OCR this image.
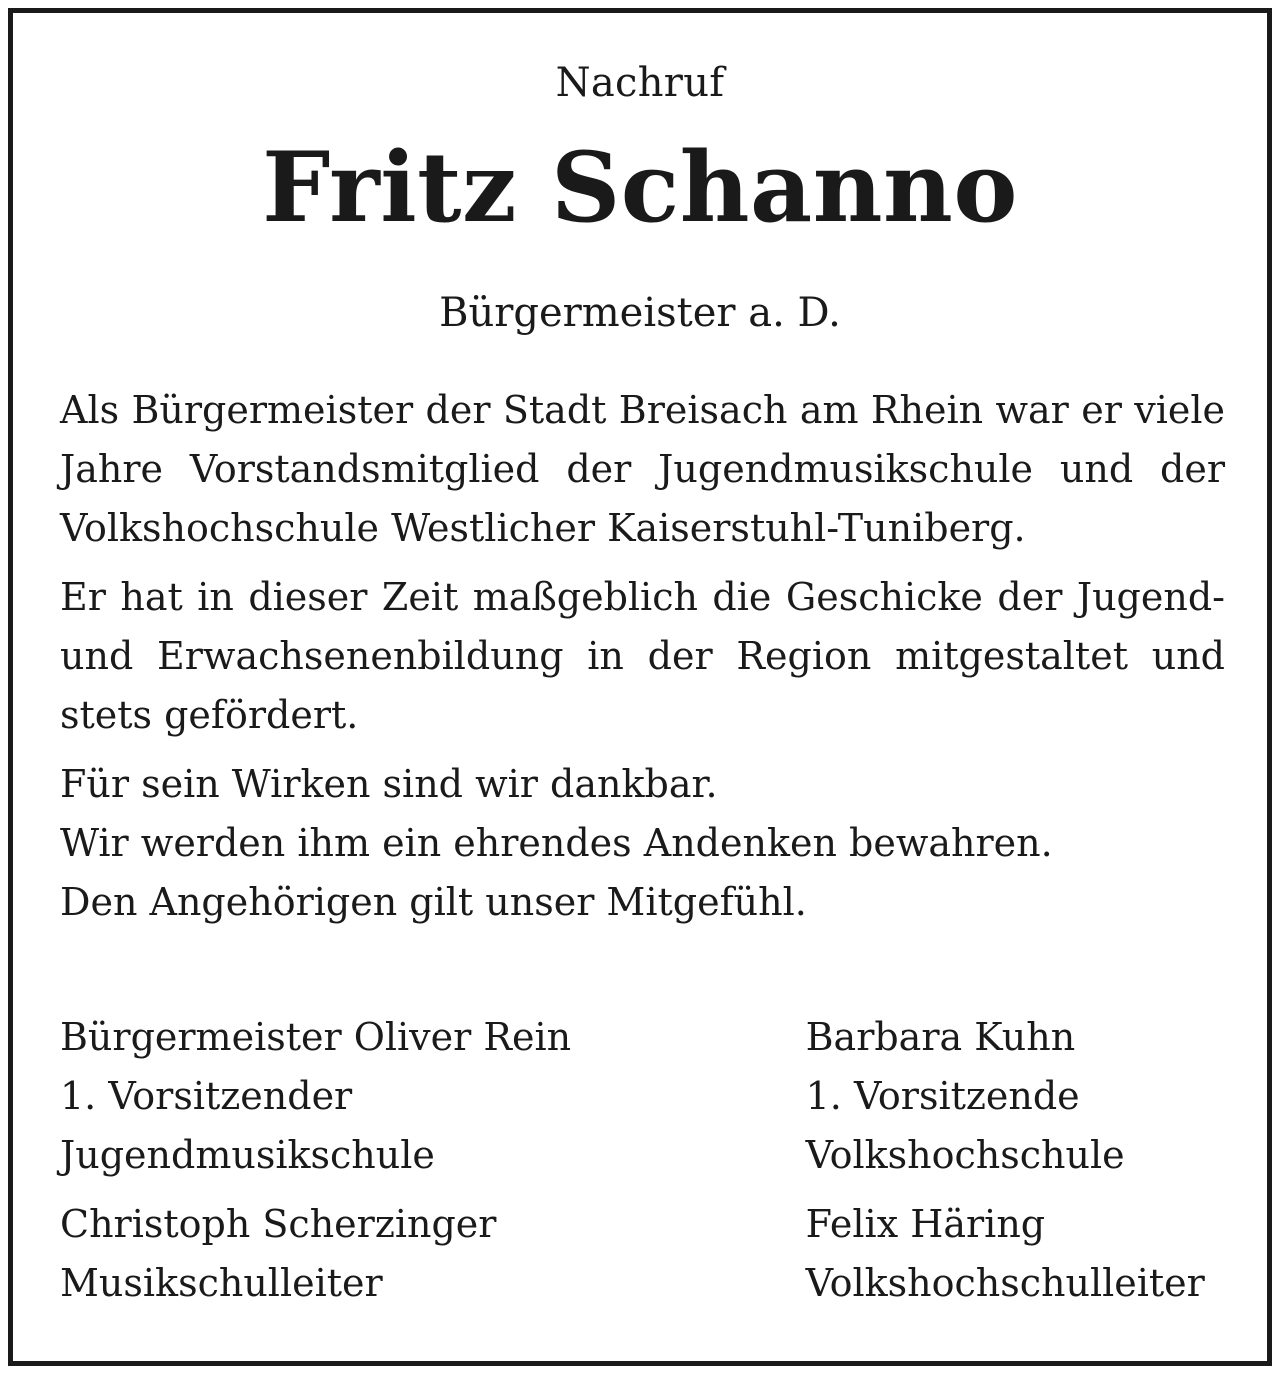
Nachruf
Fritz Schanno
Bürgermeister a. D.

Als Bürgermeister der Stadt Breisach am Rhein war er viele Jahre Vorstandsmitglied der Jugendmusikschule und der Volkshochschule Westlicher Kaiserstuhl-Tuniberg.

Er hat in dieser Zeit maßgeblich die Geschicke der Jugend- und Erwachsenenbildung in der Region mitgestaltet und stets gefördert.

Für sein Wirken sind wir dankbar.

Wir werden ihm ein ehrendes Andenken bewahren.

Den Angehörigen gilt unser Mitgefühl.

Bürgermeister Oliver Rein
1. Vorsitzender
Jugendmusikschule
Barbara Kuhn
1. Vorsitzende
Volkshochschule
Christoph Scherzinger
Musikschulleiter
Felix Häring
Volkshochschulleiter
